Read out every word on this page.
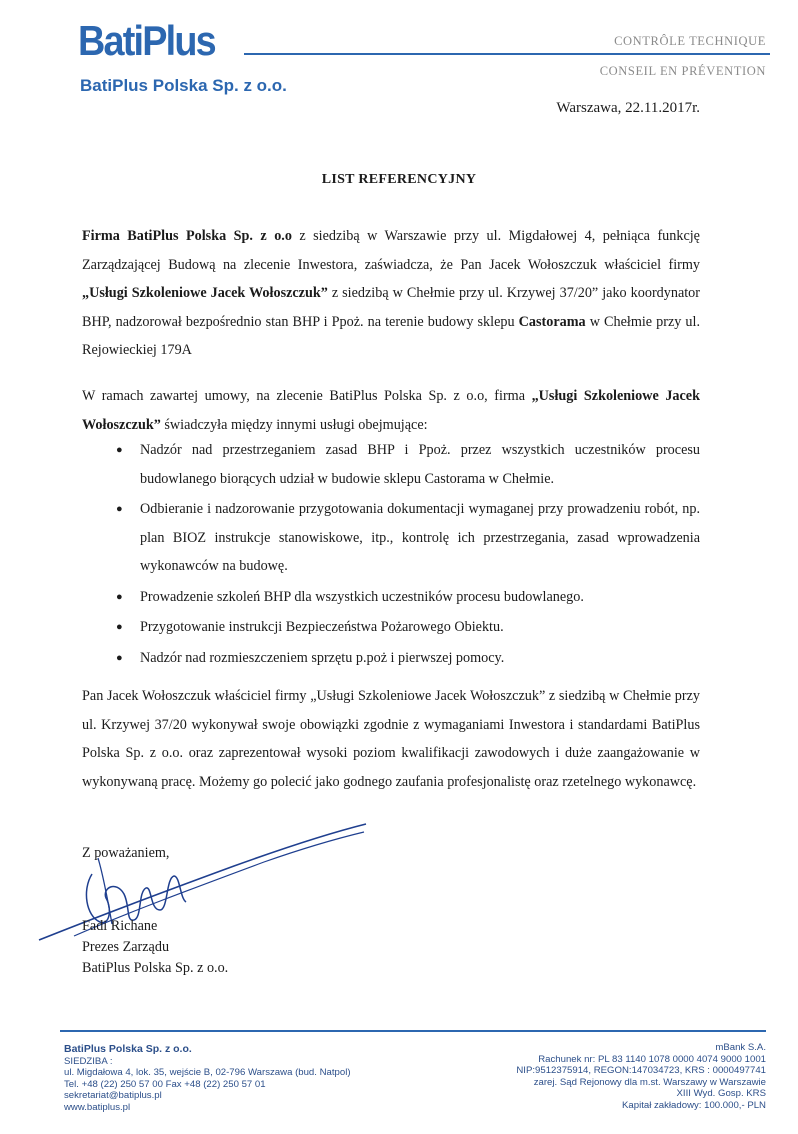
BatiPlus
BatiPlus Polska Sp. z o.o.
CONTRÔLE TECHNIQUE
CONSEIL EN PRÉVENTION
Warszawa, 22.11.2017r.
LIST REFERENCYJNY
Firma BatiPlus Polska Sp. z o.o z siedzibą w Warszawie przy ul. Migdałowej 4, pełniąca funkcję Zarządzającej Budową na zlecenie Inwestora, zaświadcza, że Pan Jacek Wołoszczuk właściciel firmy „Usługi Szkoleniowe Jacek Wołoszczuk” z siedzibą w Chełmie przy ul. Krzywej 37/20” jako koordynator BHP, nadzorował bezpośrednio stan BHP i Ppoż. na terenie budowy sklepu Castorama w Chełmie przy ul. Rejowieckiej 179A
W ramach zawartej umowy, na zlecenie BatiPlus Polska Sp. z o.o, firma „Usługi Szkoleniowe Jacek Wołoszczuk” świadczyła między innymi usługi obejmujące:
● Nadzór nad przestrzeganiem zasad BHP i Ppoż. przez wszystkich uczestników procesu budowlanego biorących udział w budowie sklepu Castorama w Chełmie.
● Odbieranie i nadzorowanie przygotowania dokumentacji wymaganej przy prowadzeniu robót, np. plan BIOZ instrukcje stanowiskowe, itp., kontrolę ich przestrzegania, zasad wprowadzenia wykonawców na budowę.
● Prowadzenie szkoleń BHP dla wszystkich uczestników procesu budowlanego.
● Przygotowanie instrukcji Bezpieczeństwa Pożarowego Obiektu.
● Nadzór nad rozmieszczeniem sprzętu p.poż i pierwszej pomocy.
Pan Jacek Wołoszczuk właściciel firmy „Usługi Szkoleniowe Jacek Wołoszczuk” z siedzibą w Chełmie przy ul. Krzywej 37/20 wykonywał swoje obowiązki zgodnie z wymaganiami Inwestora i standardami BatiPlus Polska Sp. z o.o. oraz zaprezentował wysoki poziom kwalifikacji zawodowych i duże zaangażowanie w wykonywaną pracę. Możemy go polecić jako godnego zaufania profesjonalistę oraz rzetelnego wykonawcę.
Z poważaniem,
Fadi Richane
Prezes Zarządu
BatiPlus Polska Sp. z o.o.
BatiPlus Polska Sp. z o.o.
SIEDZIBA :
ul. Migdałowa 4, lok. 35, wejście B, 02-796 Warszawa (bud. Natpol)
Tel. +48 (22) 250 57 00 Fax +48 (22) 250 57 01
sekretariat@batiplus.pl
www.batiplus.pl
mBank S.A.
Rachunek nr: PL 83 1140 1078 0000 4074 9000 1001
NIP:9512375914, REGON:147034723, KRS : 0000497741
zarej. Sąd Rejonowy dla m.st. Warszawy w Warszawie
XIII Wyd. Gosp. KRS
Kapitał zakładowy: 100.000,- PLN
